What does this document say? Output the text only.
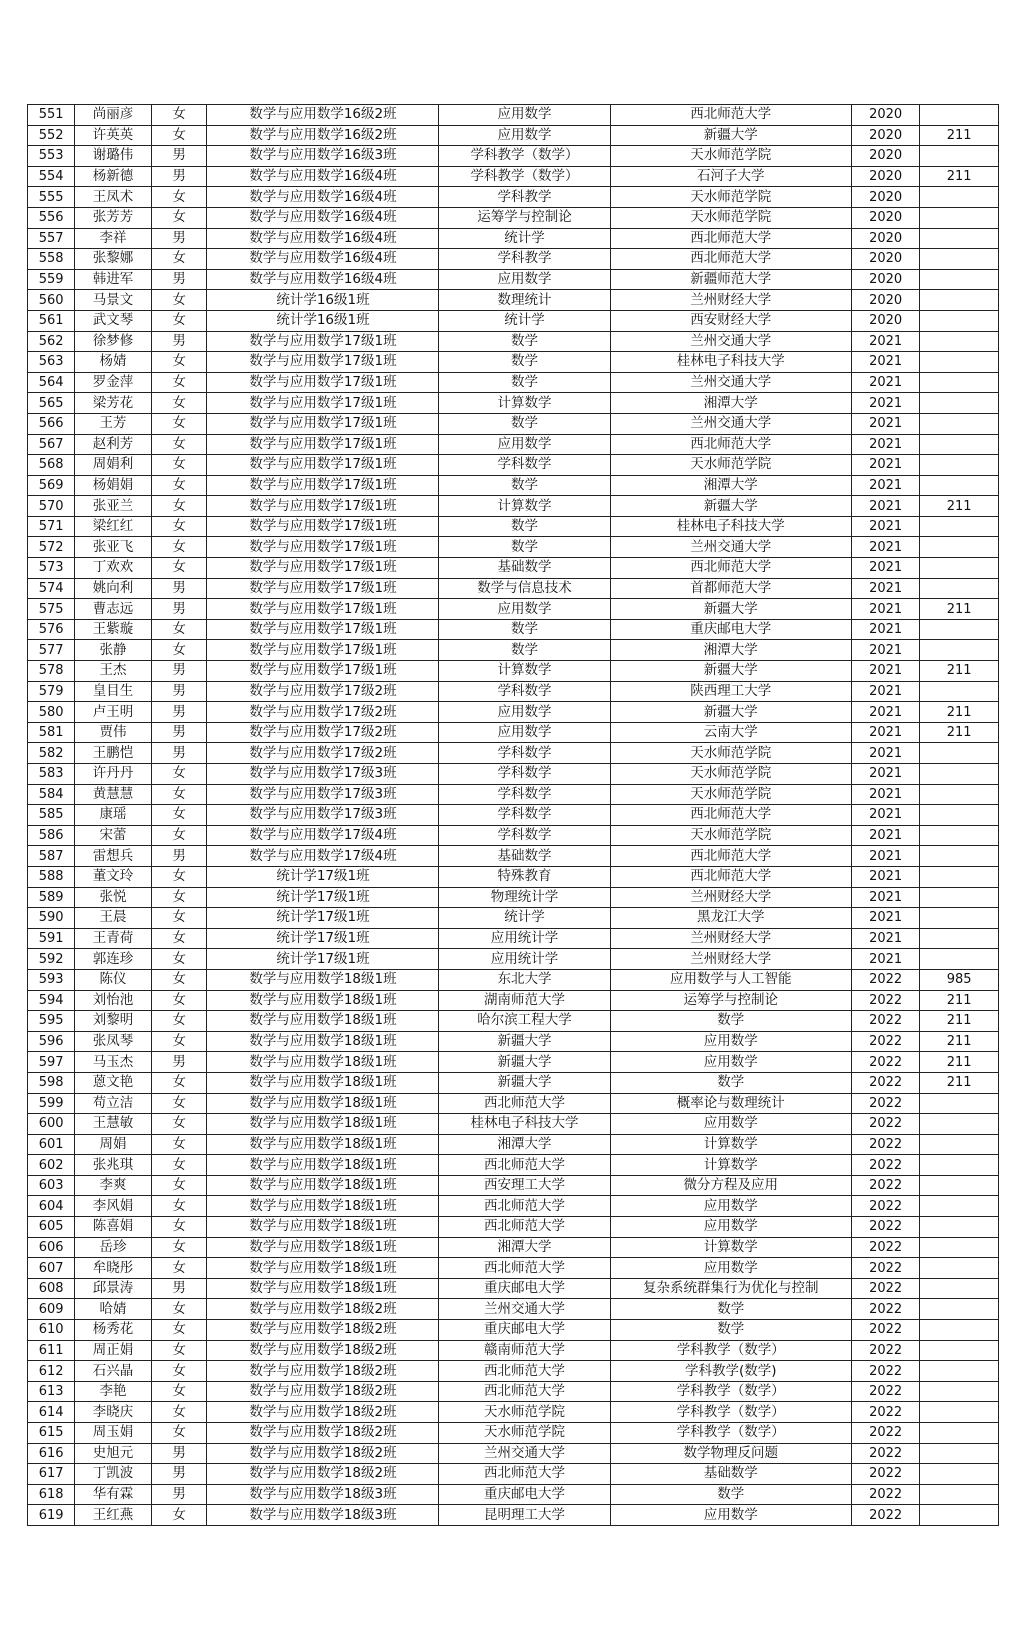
551	尚丽彦	女	数学与应用数学16级2班	应用数学	西北师范大学	2020	
552	许英英	女	数学与应用数学16级2班	应用数学	新疆大学	2020	211
553	谢璐伟	男	数学与应用数学16级3班	学科教学（数学）	天水师范学院	2020	
554	杨新德	男	数学与应用数学16级4班	学科教学（数学）	石河子大学	2020	211
555	王凤术	女	数学与应用数学16级4班	学科教学	天水师范学院	2020	
556	张芳芳	女	数学与应用数学16级4班	运筹学与控制论	天水师范学院	2020	
557	李祥	男	数学与应用数学16级4班	统计学	西北师范大学	2020	
558	张黎娜	女	数学与应用数学16级4班	学科教学	西北师范大学	2020	
559	韩进军	男	数学与应用数学16级4班	应用数学	新疆师范大学	2020	
560	马景文	女	统计学16级1班	数理统计	兰州财经大学	2020	
561	武文琴	女	统计学16级1班	统计学	西安财经大学	2020	
562	徐梦修	男	数学与应用数学17级1班	数学	兰州交通大学	2021	
563	杨婧	女	数学与应用数学17级1班	数学	桂林电子科技大学	2021	
564	罗金萍	女	数学与应用数学17级1班	数学	兰州交通大学	2021	
565	梁芳花	女	数学与应用数学17级1班	计算数学	湘潭大学	2021	
566	王芳	女	数学与应用数学17级1班	数学	兰州交通大学	2021	
567	赵利芳	女	数学与应用数学17级1班	应用数学	西北师范大学	2021	
568	周娟利	女	数学与应用数学17级1班	学科数学	天水师范学院	2021	
569	杨娟娟	女	数学与应用数学17级1班	数学	湘潭大学	2021	
570	张亚兰	女	数学与应用数学17级1班	计算数学	新疆大学	2021	211
571	梁红红	女	数学与应用数学17级1班	数学	桂林电子科技大学	2021	
572	张亚飞	女	数学与应用数学17级1班	数学	兰州交通大学	2021	
573	丁欢欢	女	数学与应用数学17级1班	基础数学	西北师范大学	2021	
574	姚向利	男	数学与应用数学17级1班	数学与信息技术	首都师范大学	2021	
575	曹志远	男	数学与应用数学17级1班	应用数学	新疆大学	2021	211
576	王紫璇	女	数学与应用数学17级1班	数学	重庆邮电大学	2021	
577	张静	女	数学与应用数学17级1班	数学	湘潭大学	2021	
578	王杰	男	数学与应用数学17级1班	计算数学	新疆大学	2021	211
579	皇目生	男	数学与应用数学17级2班	学科数学	陕西理工大学	2021	
580	卢王明	男	数学与应用数学17级2班	应用数学	新疆大学	2021	211
581	贾伟	男	数学与应用数学17级2班	应用数学	云南大学	2021	211
582	王鹏恺	男	数学与应用数学17级2班	学科数学	天水师范学院	2021	
583	许丹丹	女	数学与应用数学17级3班	学科数学	天水师范学院	2021	
584	黄慧慧	女	数学与应用数学17级3班	学科数学	天水师范学院	2021	
585	康瑶	女	数学与应用数学17级3班	学科数学	西北师范大学	2021	
586	宋蕾	女	数学与应用数学17级4班	学科数学	天水师范学院	2021	
587	雷想兵	男	数学与应用数学17级4班	基础数学	西北师范大学	2021	
588	董文玲	女	统计学17级1班	特殊教育	西北师范大学	2021	
589	张悦	女	统计学17级1班	物理统计学	兰州财经大学	2021	
590	王晨	女	统计学17级1班	统计学	黑龙江大学	2021	
591	王青荷	女	统计学17级1班	应用统计学	兰州财经大学	2021	
592	郭连珍	女	统计学17级1班	应用统计学	兰州财经大学	2021	
593	陈仪	女	数学与应用数学18级1班	东北大学	应用数学与人工智能	2022	985
594	刘怡池	女	数学与应用数学18级1班	湖南师范大学	运筹学与控制论	2022	211
595	刘黎明	女	数学与应用数学18级1班	哈尔滨工程大学	数学	2022	211
596	张凤琴	女	数学与应用数学18级1班	新疆大学	应用数学	2022	211
597	马玉杰	男	数学与应用数学18级1班	新疆大学	应用数学	2022	211
598	蒽文艳	女	数学与应用数学18级1班	新疆大学	数学	2022	211
599	苟立洁	女	数学与应用数学18级1班	西北师范大学	概率论与数理统计	2022	
600	王慧敏	女	数学与应用数学18级1班	桂林电子科技大学	应用数学	2022	
601	周娟	女	数学与应用数学18级1班	湘潭大学	计算数学	2022	
602	张兆琪	女	数学与应用数学18级1班	西北师范大学	计算数学	2022	
603	李爽	女	数学与应用数学18级1班	西安理工大学	微分方程及应用	2022	
604	李风娟	女	数学与应用数学18级1班	西北师范大学	应用数学	2022	
605	陈喜娟	女	数学与应用数学18级1班	西北师范大学	应用数学	2022	
606	岳珍	女	数学与应用数学18级1班	湘潭大学	计算数学	2022	
607	牟晓彤	女	数学与应用数学18级1班	西北师范大学	应用数学	2022	
608	邱景涛	男	数学与应用数学18级1班	重庆邮电大学	复杂系统群集行为优化与控制	2022	
609	哈婧	女	数学与应用数学18级2班	兰州交通大学	数学	2022	
610	杨秀花	女	数学与应用数学18级2班	重庆邮电大学	数学	2022	
611	周正娟	女	数学与应用数学18级2班	赣南师范大学	学科教学（数学）	2022	
612	石兴晶	女	数学与应用数学18级2班	西北师范大学	学科教学(数学)	2022	
613	李艳	女	数学与应用数学18级2班	西北师范大学	学科教学（数学）	2022	
614	李晓庆	女	数学与应用数学18级2班	天水师范学院	学科教学（数学）	2022	
615	周玉娟	女	数学与应用数学18级2班	天水师范学院	学科教学（数学）	2022	
616	史旭元	男	数学与应用数学18级2班	兰州交通大学	数学物理反问题	2022	
617	丁凯波	男	数学与应用数学18级2班	西北师范大学	基础数学	2022	
618	华有霖	男	数学与应用数学18级3班	重庆邮电大学	数学	2022	
619	王红燕	女	数学与应用数学18级3班	昆明理工大学	应用数学	2022	
